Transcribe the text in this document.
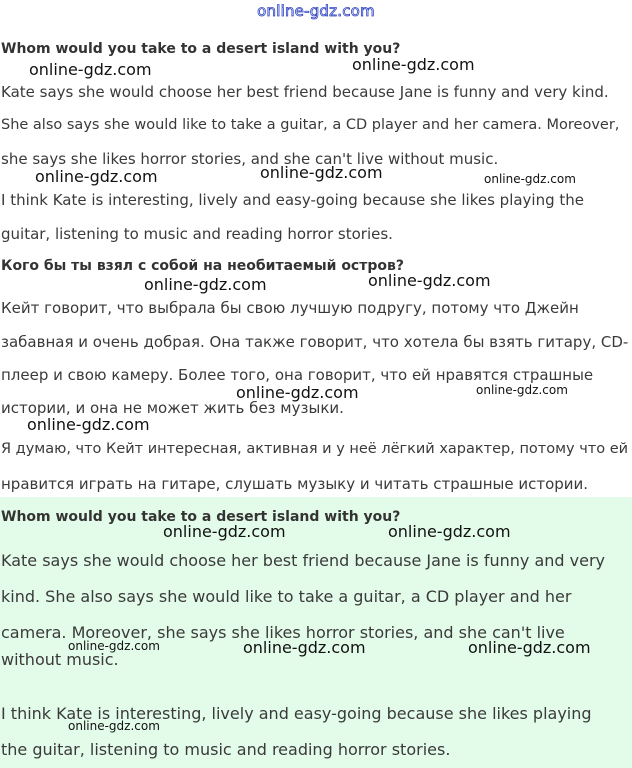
online-gdz.com
Whom would you take to a desert island with you?
Kate says she would choose her best friend because Jane is funny and very kind.
She also says she would like to take a guitar, a CD player and her camera. Moreover,
she says she likes horror stories, and she can't live without music.
I think Kate is interesting, lively and easy-going because she likes playing the
guitar, listening to music and reading horror stories.
Кого бы ты взял с собой на необитаемый остров?
Кейт говорит, что выбрала бы свою лучшую подругу, потому что Джейн
забавная и очень добрая. Она также говорит, что хотела бы взять гитару, CD-
плеер и свою камеру. Более того, она говорит, что ей нравятся страшные
истории, и она не может жить без музыки.
Я думаю, что Кейт интересная, активная и у неё лёгкий характер, потому что ей
нравится играть на гитаре, слушать музыку и читать страшные истории.
Whom would you take to a desert island with you?
Kate says she would choose her best friend because Jane is funny and very
kind. She also says she would like to take a guitar, a CD player and her
camera. Moreover, she says she likes horror stories, and she can't live
without music.
I think Kate is interesting, lively and easy-going because she likes playing
the guitar, listening to music and reading horror stories.
online-gdz.com	online-gdz.com
online-gdz.com	online-gdz.com	online-gdz.com
online-gdz.com	online-gdz.com
online-gdz.com	online-gdz.com
online-gdz.com
online-gdz.com	online-gdz.com
online-gdz.com	online-gdz.com	online-gdz.com
online-gdz.com
